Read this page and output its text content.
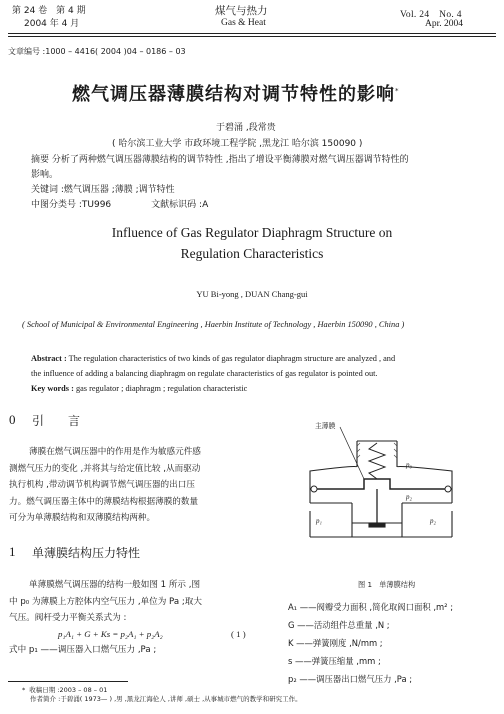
第 24 卷　第 4 期
2004 年 4 月
煤气与热力
Gas & Heat
Vol. 24　No. 4
Apr. 2004
文章编号 :1000 – 4416( 2004 )04 – 0186 – 03
燃气调压器薄膜结构对调节特性的影响*
于碧涌 ,段常贵
( 哈尔滨工业大学 市政环境工程学院 ,黑龙江 哈尔滨 150090 )
摘要 分析了两种燃气调压器薄膜结构的调节特性 ,指出了增设平衡薄膜对燃气调压器调节特性的
影响。
关键词 :燃气调压器 ;薄膜 ;调节特性
中图分类号 :TU996	文献标识码 :A
Influence of Gas Regulator Diaphragm Structure on
Regulation Characteristics
YU Bi-yong , DUAN Chang-gui
( School of Municipal & Environmental Engineering , Haerbin Institute of Technology , Haerbin 150090 , China )
Abstract : The regulation characteristics of two kinds of gas regulator diaphragm structure are analyzed , and
the influence of adding a balancing diaphragm on regulate characteristics of gas regulator is pointed out.
Key words : gas regulator ; diaphragm ; regulation characteristic
0 引　　言
薄膜在燃气调压器中的作用是作为敏感元件感
测燃气压力的变化 ,并将其与给定值比较 ,从而驱动
执行机构 ,带动调节机构调节燃气调压器的出口压
力。燃气调压器主体中的薄膜结构根据薄膜的数量
可分为单薄膜结构和双薄膜结构两种。
1 单薄膜结构压力特性
单薄膜燃气调压器的结构一般如图 1 所示 ,图
中 p₀ 为薄膜上方腔体内空气压力 ,单位为 Pa ;取大
气压。阀杆受力平衡关系式为 :
p₁A₁ + G + Ks = p₂A₁ + p₂A₂	( 1 )
式中 p₁ ——调压器入口燃气压力 ,Pa ;
主薄膜
p₀
p₂
p₁	p₂
图 1　单薄膜结构
A₁ ——阀瓣受力面积 ,简化取阀口面积 ,m² ;
G ——活动组件总重量 ,N ;
K ——弹簧刚度 ,N/mm ;
s ——弹簧压缩量 ,mm ;
p₂ ——调压器出口燃气压力 ,Pa ;
* 收稿日期 :2003 – 08 – 01
作者简介 :于碧涌( 1973— ) ,男 ,黑龙江海伦人 ,讲师 ,硕士 ,从事城市燃气的教学和研究工作。
